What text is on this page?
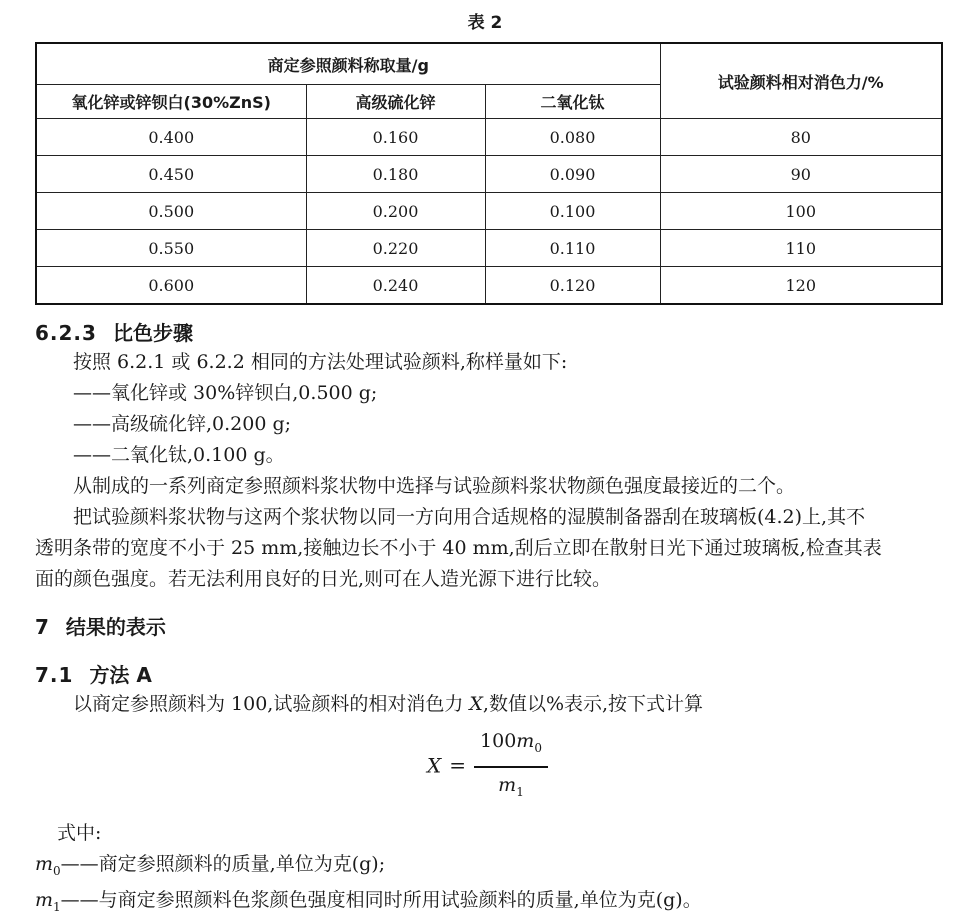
表 2
商定参照颜料称取量/g			试验颜料相对消色力/%
氧化锌或锌钡白(30%ZnS)	高级硫化锌	二氧化钛	
0.400	0.160	0.080	80
0.450	0.180	0.090	90
0.500	0.200	0.100	100
0.550	0.220	0.110	110
0.600	0.240	0.120	120
6.2.3 比色步骤
按照 6.2.1 或 6.2.2 相同的方法处理试验颜料,称样量如下:
——氧化锌或 30%锌钡白,0.500 g;
——高级硫化锌,0.200 g;
——二氧化钛,0.100 g。
从制成的一系列商定参照颜料浆状物中选择与试验颜料浆状物颜色强度最接近的二个。
把试验颜料浆状物与这两个浆状物以同一方向用合适规格的湿膜制备器刮在玻璃板(4.2)上,其不
透明条带的宽度不小于 25 mm,接触边长不小于 40 mm,刮后立即在散射日光下通过玻璃板,检查其表
面的颜色强度。若无法利用良好的日光,则可在人造光源下进行比较。
7 结果的表示
7.1 方法 A
以商定参照颜料为 100,试验颜料的相对消色力 X,数值以%表示,按下式计算
$X = \frac{100m_0}{m_1}$
式中:
$m_0——$商定参照颜料的质量,单位为克(g);
$m_1——$与商定参照颜料色浆颜色强度相同时所用试验颜料的质量,单位为克(g)。
